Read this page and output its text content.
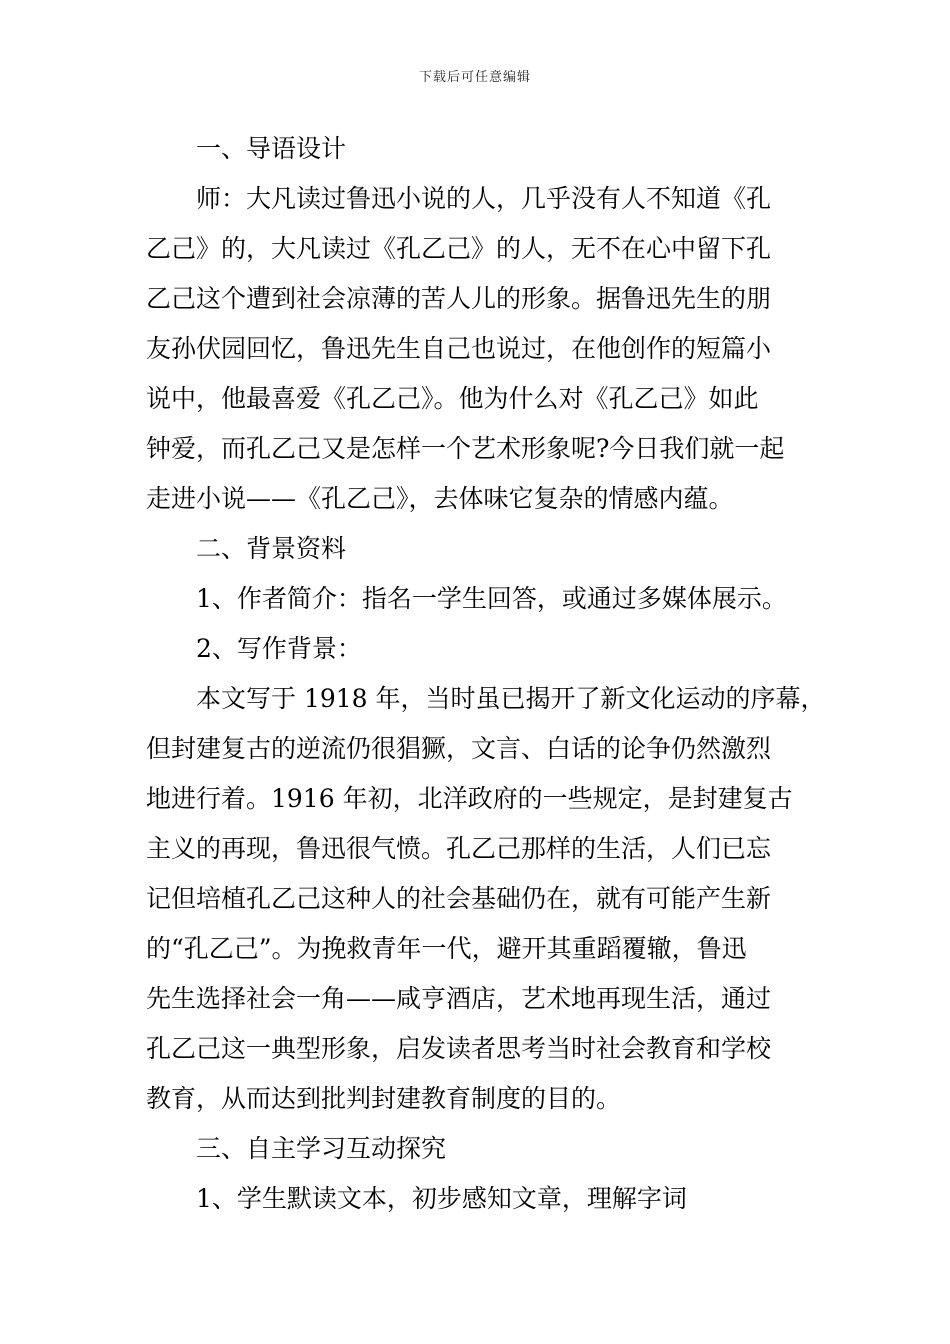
下载后可任意编辑
一、导语设计
师：大凡读过鲁迅小说的人，几乎没有人不知道《孔
乙己》的，大凡读过《孔乙己》的人，无不在心中留下孔
乙己这个遭到社会凉薄的苦人儿的形象。据鲁迅先生的朋
友孙伏园回忆，鲁迅先生自己也说过，在他创作的短篇小
说中，他最喜爱《孔乙己》。他为什么对《孔乙己》如此
钟爱，而孔乙己又是怎样一个艺术形象呢?今日我们就一起
走进小说——《孔乙己》，去体味它复杂的情感内蕴。
二、背景资料
1、作者简介：指名一学生回答，或通过多媒体展示。
2、写作背景：
本文写于 1918 年，当时虽已揭开了新文化运动的序幕，
但封建复古的逆流仍很猖獗，文言、白话的论争仍然激烈
地进行着。1916 年初，北洋政府的一些规定，是封建复古
主义的再现，鲁迅很气愤。孔乙己那样的生活，人们已忘
记但培植孔乙己这种人的社会基础仍在，就有可能产生新
的“孔乙己”。为挽救青年一代，避开其重蹈覆辙，鲁迅
先生选择社会一角——咸亨酒店，艺术地再现生活，通过
孔乙己这一典型形象，启发读者思考当时社会教育和学校
教育，从而达到批判封建教育制度的目的。
三、自主学习互动探究
1、学生默读文本，初步感知文章，理解字词
